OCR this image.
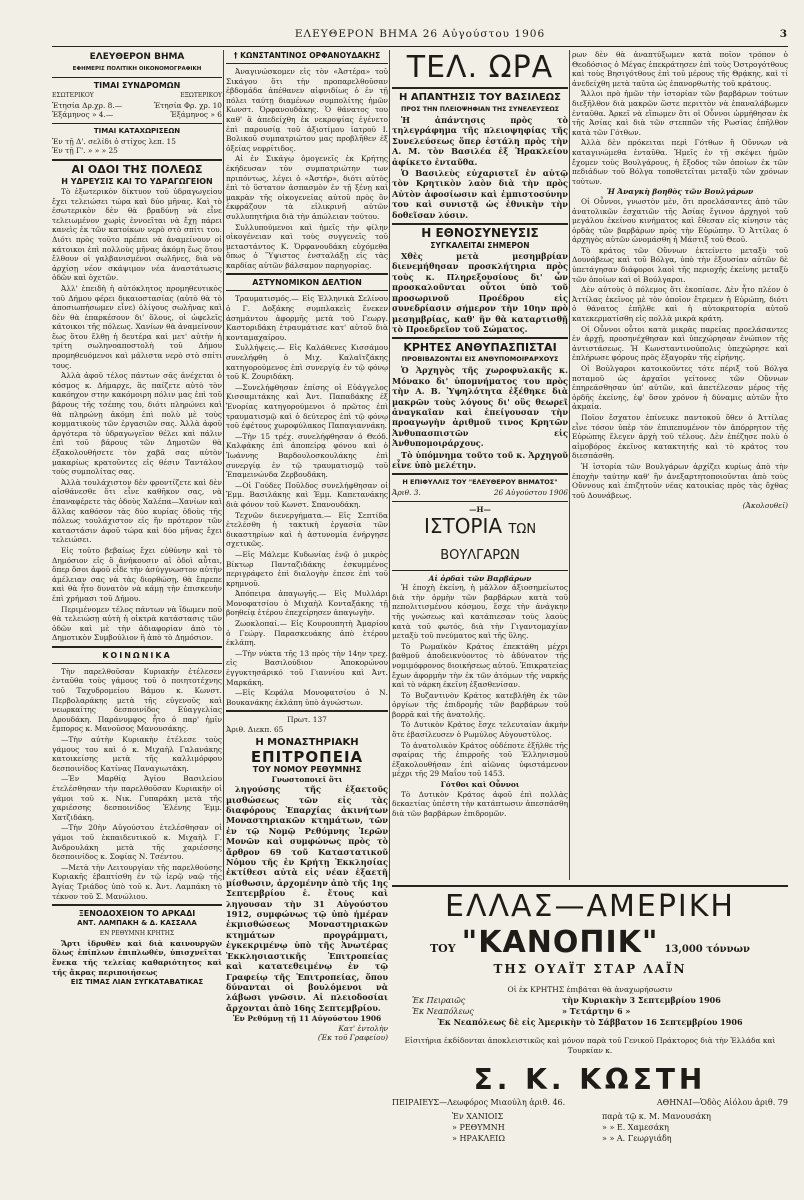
ΕΛΕΥΘΕΡΟΝ ΒΗΜΑ 26 Αὐγούστου 1906	3
ΕΛΕΥΘΕΡΟΝ ΒΗΜΑ
ΕΦΗΜΕΡΙΣ ΠΟΛΙΤΙΚΗ ΟΙΚΟΝΟΜΟΓΡΑΦΙΚΗ
ΤΙΜΑΙ ΣΥΝΔΡΟΜΩΝ
ΕΣΩΤΕΡΙΚΟΥ	ΕΞΩΤΕΡΙΚΟΥ
Ἐτησία Δρ.χρ. 8.—	Ἐτησία Φρ. χρ. 10
Ἑξάμηνος » 4.—	Ἑξάμηνος » 6
ΤΙΜΑΙ ΚΑΤΑΧΩΡΙΣΕΩΝ
Ἐν τῇ Δ'. σελίδι ὁ στίχος λεπ. 15
Ἐν τῇ Γ'. » » » 25
ΑΙ ΟΔΟΙ ΤΗΣ ΠΟΛΕΩΣ
Η ΥΔΡΕΥΣΙΣ ΚΑΙ ΤΟ ΥΔΡΑΓΩΓΕΙΟΝ

Τὸ ἐξωτερικὸν δίκτυον τοῦ ὑδραγωγείου ἔχει τελειώσει τώρα καὶ δύο μῆνας. Καὶ τὸ ἐσωτερικὸν δὲν θὰ βραδύνῃ νὰ εἶνε τελειωμένον χωρὶς ἐννοεῖται νὰ ἔχῃ πάρει κανεὶς ἐκ τῶν κατοίκων νερὸ στὸ σπίτι του. Διότι πρὸς τοῦτο πρέπει νὰ ἀναμείνουν οἱ κάτοικοι ἐπὶ πολλοὺς μῆνας ἀκόμη ἕως ὅτου ἔλθουν οἱ γαλβανισμένοι σωλῆνες, διὰ νὰ ἀρχίσῃ νέον σκάψιμον νέα ἀναστάτωσις ὁδῶν καὶ ὀχετῶν.

Ἀλλ' ἐπειδὴ ἡ αὐτόκλητος προμηθευτικὸς τοῦ Δήμου φέρει δικαιοστασίας (αὐτὸ θὰ τὸ ἀποσιωπήσωμεν εἶνε) ὀλίγους σωλῆνας καὶ δὲν θὰ ἐπαρκέσουν δι' ὅλους, οἱ ὠφελεῖς κάτοικοι τῆς πόλεως. Χανίων θὰ ἀναμείνουν ἕως ὅτου ἔλθῃ ἡ δευτέρα καὶ μετ' αὐτὴν ἡ τρίτη σωληνοαποστολὴ τοῦ Δήμου προμηθευόμενοι καὶ μάλιστα νερὸ στὸ σπίτι τους.

Ἀλλὰ ἀφοῦ τέλος πάντων σᾶς ἀνέχεται ὁ κόσμος κ. Δήμαρχε, ἂς παίζετε αὐτὸ τὸν κακόηχον στην κακόμοιρη πόλιν μας ἐπὶ τοῦ βάρους τῆς τσέπης του, διότι πληρώνει καὶ θὰ πληρώνῃ ἀκόμη ἐπὶ πολὺ μὲ τοὺς κομματικοὺς τῶν ἐργασιῶν σας. Ἀλλὰ ἀφοῦ ἀργότερα τὸ ὑδραγωγεῖον θέλει καὶ πάλιν ἐπὶ τοῦ βάρους τῶν Δημοτῶν θὰ ἐξακολουθήσετε τὸν χαβᾶ σας αὐτὸν μακαρίως κρατοῦντες εἰς θέσιν Ταντάλου τοὺς συμπολίτας σας.

Ἀλλὰ τουλάχιστον δὲν φροντίζετε καὶ δὲν αἰσθάνεσθε ὅτι εἶνε καθῆκον σας, νὰ ἐπαναφέρετε τὰς ὁδοὺς Χαλέπα—Χανίων καὶ ἄλλας καθόσον τὰς δύο κυρίας ὁδοὺς τῆς πόλεως τουλάχιστον εἰς ἣν πρότερον τῶν καταστάσιν ἀφοῦ τώρα καὶ δύο μῆνας ἔχει τελειώσει.

Εἰς τοῦτο βεβαίως ἔχει εὐθύνην καὶ τὸ Δημόσιον εἰς ὃ ἀνήκουσιν αἱ ὁδοὶ αὗται, ὅπερ ὅσοι ἀφοῦ εἶδε τὴν ἀσύγγνωστον αὐτὴν ἀμέλειαν σας νὰ τὰς διορθώσῃ, θὰ ἔπρεπε καὶ θὰ ἦτο δυνατὸν νὰ κάμῃ τὴν ἐπισκευὴν ἐπὶ χρήμασι τοῦ Δήμου.

Περιμένομεν τέλος πάντων νὰ ἴδωμεν ποῦ θὰ τελειώσῃ αὐτὴ ἡ οἰκτρὰ κατάστασις τῶν ὁδῶν καὶ μὲ τὴν ἀδιαφορίαν ἀπὸ τὸ Δημοτικὸν Συμβούλιον ἢ ἀπὸ τὸ Δημόσιον.

ΚΟΙΝΩΝΙΚΑ

Τὴν παρελθοῦσαν Κυριακὴν ἐτέλεσεν ἐνταῦθα τοὺς γάμους τοῦ ὁ ποιητοτέχνης τοῦ Ταχυδρομείου Βάμου κ. Κωνστ. Περβολαράκης μετὰ τῆς εὐγενοῦς καὶ νεωρκαίτης δεσποινίδος Εὐαγγελίας Δρουδάκη. Παράνυμφος ἦτο ὁ παρ' ἡμῖν ἔμπορος κ. Μανοῦσος Μανουσάκης.

—Τὴν αὐτὴν Κυριακὴν ἐτέλεσε τοὺς γάμους του καὶ ὁ κ. Μιχαὴλ Γαλανάκης κατοικείσης μετὰ τῆς καλλιμόρφου δεσποινίδος Κατίνας Παναγιωτάκη.

—Ἐν Μαρθίᾳ Ἁγίου Βασιλείου ἐτελέσθησαν τὴν παρελθοῦσαν Κυριακὴν οἱ γάμοι τοῦ κ. Νικ. Γυπαράκη μετὰ τῆς χαριέσσης δεσποινίδος Ἑλένης Ἐμμ. Χατζιδάκη.

—Τὴν 20ὴν Αὐγούστου ἐτελέσθησαν οἱ γάμοι τοῦ ἐκπαιδευτικοῦ κ. Μιχαὴλ Γ. Ἀνδρουλάκη μετὰ τῆς χαριέσσης δεσποινίδος κ. Σοφίας Ν. Τσέντου.

—Μετὰ τὴν Λειτουργίαν τῆς παρελθούσης Κυριακῆς ἐβαπτίσθη ἐν τῷ ἱερῷ ναῷ τῆς Ἁγίας Τριάδος ὑπὸ τοῦ κ. Ἀντ. Λαμπάκη τὸ τέκνον τοῦ Σ. Μανώλιου.

ΞΕΝΟΔΟΧΕΙΟΝ ΤΟ ΑΡΚΑΔΙ
ΑΝΤ. ΛΑΜΠΑΚΗ & Δ. ΚΑΣΣΑΛΑ
ΕΝ ΡΕΘΥΜΝΗ ΚΡΗΤΗΣ

Ἄρτι ἱδρυθὲν καὶ διὰ καινουργῶν ὅλως ἐπίπλων ἐπιπλωθέν, ὑπισχνεῖται ἕνεκα τῆς τελείας καθαριότητος καὶ τῆς ἄκρας περιποιήσεως

ΕΙΣ ΤΙΜΑΣ ΛΙΑΝ ΣΥΓΚΑΤΑΒΑΤΙΚΑΣ
† ΚΩΝΣΤΑΝΤΙΝΟΣ ΟΡΦΑΝΟΥΔΑΚΗΣ

Ἀναγινώσκομεν εἰς τὸν «Ἀστέρα» τοῦ Σικάγου ὅτι τὴν προπαρελθοῦσαν ἑβδομάδα ἀπέθανεν αἰφνιδίως ὁ ἐν τῇ πόλει ταύτῃ διαμένων συμπολίτης ἡμῶν Κωνστ. Ὀρφανουδάκης. Ὁ θάνατος του καθ' ἃ ἀπεδείχθη ἐκ νεκροψίας ἐγένετο ἐπὶ παρουσίᾳ τοῦ ἀξιοτίμου ἰατροῦ Ι. Βολικοῦ συμπατριώτου μας προβλῆθεν ἐξ ὀξείας νεφρίτιδος.

Αἱ ἐν Σικάγῳ ὁμογενεῖς ἐκ Κρήτης ἐκήδευσαν τὸν συμπατριώτην των πριπόντως, λέγει ὁ «Ἀστήρ», διότι αὐτὸς ἐπὶ τὸ ὕστατον ἀσπασμὸν ἐν τῇ ξένῃ καὶ μακρὰν τῆς οἰκογενείας αὐτοῦ πρὸς ὃν ἐκφράζουν τὰ εἰλικρινῆ αὐτῶν συλλυπητήρια διὰ τὴν ἀπώλειαν τούτου.

Συλλυπούμενοι καὶ ἡμεῖς τὴν φίλην οἰκογένειαν καὶ τοὺς συγγενεῖς τοῦ μεταστάντος Κ. Ὀρφανουδάκη εὐχόμεθα ὅπως ὁ Ὕψιστος ἐνσταλάξῃ εἰς τὰς καρδίας αὐτῶν βάλσαμον παρηγορίας.

ΑΣΤΥΝΟΜΙΚΟΝ ΔΕΛΤΙΟΝ

Τραυματισμός.— Εἰς Ἑλληνικὰ Σελίνου ὁ Γ. Δοξάκης συμπλακεὶς ἕνεκεν ἀσημάντου ἀφορμῆς μετὰ τοῦ Γεωργ. Καστοριδάκη ἐτραυμάτισε κατ' αὐτοῦ διὰ κονταμαχαίρου.

Συλλήψεις.— Εἰς Καλάθενες Κισσάμου συνελήφθη ὁ Μιχ. Καλαϊτζάκης κατηγορούμενος ἐπὶ συνεργίᾳ ἐν τῷ φόνῳ τοῦ Κ. Ζουριδάκη.

—Συνελήφθησαν ἐπίσης οἱ Εὐάγγελος Κισσαμιτάκης καὶ Ἀντ. Παπαδάκης ἐξ Ἐνορίας κατηγορούμενοι ὁ πρῶτος ἐπὶ τραυματισμῷ καὶ ὁ δεύτερος ἐπὶ τῷ φόνῳ τοῦ ἐφέτους χωροφύλακος Παπαγιαννάκη.

—Τὴν 15 τρέχ. συνελήφθησαν ὁ Θεόδ. Καλφάκης ἐπὶ ἀποπείρᾳ φόνου καὶ ὁ Ἰωάννης Βαρδουλοσκουλάκης ἐπὶ συνεργίᾳ ἐν τῷ τραυματισμῷ τοῦ Ἐπαμεινώνδα Ζερβουδάκη.

—Οἱ Γούδες Ποῦλδος συνελήφθησαν οἱ Ἐμμ. Βασιλάκης καὶ Ἐμμ. Καπετανάκης διὰ φόνον τοῦ Κωνστ. Σπανουδάκη.

Τεχνῶν διενεργήματα.— Εἰς Σεπτίδα ἐτελέσθη ἡ τακτικὴ ἐργασία τῶν δικαστηρίων καὶ ἡ ἀστυνομία ἐνήργησε σχετικῶς.

—Εἰς Μάλεμε Κυδωνίας ἐνῷ ὁ μικρὸς Βίκτωρ Πανταζιδάκης ἐσκυμμένος περιγράφετο ἐπὶ διαλογὴν ἐπεσε ἐπὶ τοῦ κρημνοῦ.

Ἀπόπειρα ἀπαγωγῆς.— Εἰς Μυλλάρι Μονοφατσίου ὁ Μιχαὴλ Κονταξάκης τῇ βοηθείᾳ ἑτέρου ἐπεχείρησεν ἀπαγωγὴν.

Zωοκλοπαί.— Εἰς Κουρουπητὴ Ἀμαρίου ὁ Γεώργ. Παρασκευάκης ἀπὸ ἑτέρου ἐκλάπη.

—Τὴν νύκτα τῆς 13 πρὸς τὴν 14ην τρεχ. εἰς Βασιλούδιον Ἀποκορώνου ἐγγυκτησάρικό τοῦ Γιαννίου καὶ Ἀντ. Μαρκάκη.

—Εἰς Κεφάλα Μονοφατσίου ὁ Ν. Βουκανάκης ἐκλάπη ὑπὸ ἀγνώστων.

Πρωτ. 137
Ἀριθ. Διεκπ. 65
Η ΜΟΝΑΣΤΗΡΙΑΚΗ
ΕΠΙΤΡΟΠΕΙΑ
ΤΟΥ ΝΟΜΟΥ ΡΕΘΥΜΝΗΣ
Γνωστοποιεῖ ὅτι

ληγούσης τῆς ἐξαετοῦς μισθώσεως τῶν εἰς τὰς διαφόρους Ἐπαρχίας ἀκινήτων Μοναστηριακῶν κτημάτων, τῶν ἐν τῷ Νομῷ Ρεθύμνης Ἱερῶν Μονῶν καὶ συμφώνως πρὸς τὸ ἄρθρον 69 τοῦ Καταστατικοῦ Νόμου τῆς ἐν Κρήτῃ Ἐκκλησίας ἐκτίθεσι αὐτὰ εἰς νέαν ἐξαετῆ μίσθωσιν, ἀρχομένην ἀπὸ τῆς 1ης Σεπτεμβρίου ἐ. ἔτους καὶ ληγουσαν τὴν 31 Αὐγούστου 1912, συμφώνως τῷ ὑπὸ ἡμέραν ἐκμισθώσεως Μοναστηριακῶν κτημάτων προγράμματι, ἐγκεκριμένῳ ὑπὸ τῆς Ἀνωτέρας Ἐκκλησιαστικῆς Ἐπιτροπείας καὶ κατατεθειμένῳ ἐν τῷ Γραφείῳ τῆς Ἐπιτροπείας, ὅπου δύνανται οἱ βουλόμενοι νὰ λάβωσι γνῶσιν. Αἱ πλειοδοσίαι ἄρχονται ἀπὸ 16ης Σεπτεμβρίου.

Ἐν Ρεθύμνῃ τῇ 11 Αὐγούστου 1906
Κατ' ἐντολὴν
(Ἐκ τοῦ Γραφείου)
ΤΕΛ. ΩΡΑ
Η ΑΠΑΝΤΗΣΙΣ ΤΟΥ ΒΑΣΙΛΕΩΣ
ΠΡΟΣ ΤΗΝ ΠΛΕΙΟΨΗΦΙΑΝ ΤΗΣ ΣΥΝΕΛΕΥΣΕΩΣ

Ἡ ἀπάντησις πρὸς τὸ τηλεγράφημα τῆς πλειοψηφίας τῆς Συνελεύσεως ὅπερ ἐστάλη πρὸς τὴν Α. Μ. τὸν Βασιλέα ἐξ Ἡρακλείου ἀφίκετο ἐνταῦθα.

Ὁ Βασιλεὺς εὐχαριστεῖ ἐν αὐτῷ τὸν Κρητικὸν λαὸν διὰ τὴν πρὸς Αὐτὸν ἀφοσίωσιν καὶ ἐμπιστοσύνην του καὶ συνιστᾷ ὡς ἐθνικὴν τὴν δοθεῖσαν λύσιν.

Η ΕΘΝΟΣΥΝΕΥΣΙΣ
ΣΥΓΚΑΛΕΙΤΑΙ ΣΗΜΕΡΟΝ

Χθὲς μετὰ μεσημβρίαν διενεμήθησαν προσκλήτηρια πρὸς τοὺς κ. Πληρεξουσίους δι' ὧν προσκαλοῦνται οὗτοι ὑπὸ τοῦ προσωρινοῦ Προέδρου εἰς συνεδρίασιν σήμερον τὴν 10ην πρὸ μεσημβρίας, καθ' ἣν θὰ καταρτισθῇ τὸ Προεδρεῖον τοῦ Σώματος.

ΚΡΗΤΕΣ ΑΝΘΥΠΑΣΠΙΣΤΑΙ
ΠΡΟΒΙΒΑΖΟΝΤΑΙ ΕΙΣ ΑΝΘΥΠΟΜΟΙΡΑΡΧΟΥΣ

Ὁ Ἀρχηγὸς τῆς χωροφυλακῆς κ. Μόνακο δι' ὑπομνήματος του πρὸς τὴν Α. Β. Ὑψηλότητα ἐξέθηκε διὰ μακρῶν τοὺς λόγους δι' οὓς θεωρεῖ ἀναγκαῖαν καὶ ἐπείγουσαν τὴν προαγωγὴν ἀριθμοῦ τινος Κρητῶν Ἀνθυπασπιστῶν εἰς Ἀνθυπομοιράρχους.

Τὸ ὑπόμνημα τοῦτο τοῦ κ. Ἀρχηγοῦ εἶνε ὑπὸ μελέτην.

Η ΕΠΙΦΥΛΛΙΣ ΤΟΥ "ΕΛΕΥΘΕΡΟΥ ΒΗΜΑΤΟΣ"
Ἀριθ. 3.	26 Αὐγούστου 1906
—Η—
ΙΣΤΟΡΙΑ ΤΩΝ ΒΟΥΛΓΑΡΩΝ
Αἱ ὁρδαὶ τῶν Βαρβάρων

Ἡ ἐποχὴ ἐκείνη, ἡ μᾶλλον ἀξιοσημείωτος διὰ τὴν ὁρμὴν τῶν βαρβάρων κατὰ τοῦ πεπολιτισμένου κόσμου, ἔσχε τὴν ἀνάγκην τῆς γνώσεως καὶ κατάπιεσαν τοὺς λαοὺς κατὰ τοῦ φωτός, διὰ τὴν Γιγαντομαχίαν μεταξὺ τοῦ πνεύματος καὶ τῆς ὕλης.

Τὸ Ρωμαϊκὸν Κράτος ἐπεκτάθη μέχρι βαθμοῦ ἀποδεικνύοντος τὸ ἀδύνατον τῆς νομιμόφρονος διοικήσεως αὐτοῦ. Ἐπικρατείας ἔχων ἀφορμὴν τὴν ἐκ τῶν ἀτόμων τῆς ναρκῆς καὶ τὸ νάρκη ἐκεῖνη ἐξασθενίσαν.

Τὸ Βυζαντινὸν Κράτος κατεβλήθη ἐκ τῶν ὀργίων τῆς ἐπιδρομῆς τῶν βαρβάρων τοῦ βορρᾶ καὶ τῆς ἀνατολῆς.

Τὸ Δυτικὸν Κράτος ἔσχε τελευταίαν ἀκμὴν ὅτε ἐβασίλευσεν ὁ Ρωμύλος Αὐγουστύλος.

Τὸ ἀνατολικὸν Κράτος οὐδέποτε ἐξῆλθε τῆς σφαίρας τῆς ἐπιρροῆς τοῦ Ἑλληνισμοῦ ἐξακολουθήσαν ἐπὶ αἰῶνας ὑφιστάμενον μέχρι τῆς 29 Μαΐου τοῦ 1453.

Γότθοι καὶ Οὖννοι

Τὸ Δυτικὸν Κράτος ἀφοῦ ἐπὶ πολλὰς δεκαετίας ὑπέστη τὴν κατάπτωσιν ἀπεσπάσθη διὰ τῶν βαρβάρων ἐπιδρομῶν.

ρων δὲν θὰ ἀναπτύξωμεν κατὰ ποῖον τρόπον ὁ Θεοδόσιος ὁ Μέγας ἐπεκράτησεν ἐπὶ τοὺς Ὀστρογότθους καὶ τοὺς Βησιγότθους ἐπὶ τοῦ μέρους τῆς Θρᾴκης, καὶ τί ἀνεδείχθη μετὰ ταῦτα ὡς ἐπανορθωτὴς τοῦ κράτους.

Ἄλλοι πρὸ ἡμῶν τὴν ἱστορίαν τῶν βαρβάρων τούτων διεξῆλθον διὰ μακρῶν ὥστε περιττὸν νὰ ἐπαναλάβωμεν ἐνταῦθα. Ἀρκεῖ νὰ εἴπωμεν ὅτι οἱ Οὖννοι ὡρμήθησαν ἐκ τῆς Ἀσίας καὶ διὰ τῶν στεππῶν τῆς Ρωσίας ἐπῆλθον κατὰ τῶν Γότθων.

Ἀλλὰ δὲν πρόκειται περὶ Γότθων ἢ Οὔννων νὰ καταγινώμεθα ἐνταῦθα. Ἡμεῖς ἐν τῇ σκέψει ἡμῶν ἔχομεν τοὺς Βουλγάρους, ἡ ἔξοδος τῶν ὁποίων ἐκ τῶν πεδιάδων τοῦ Βόλγα τοποθετεῖται μεταξὺ τῶν χρόνων τούτων.

Ἡ Ἀναγκὴ βοηθὸς τῶν Βουλγάρων

Οἱ Οὖννοι, γνωστὸν μὲν, ὅτι προελάσαντες ἀπὸ τῶν ἀνατολικῶν ἐσχατιῶν τῆς Ἀσίας ἔγινον ἀρχηγοὶ τοῦ μεγάλου ἐκείνου κινήματος καὶ ἔθεσαν εἰς κίνησιν τὰς ὁρδὰς τῶν βαρβάρων πρὸς τὴν Εὐρώπην. Ὁ Ἀττίλας ὁ ἀρχηγὸς αὐτῶν ὠνομάσθη ἡ Μάστιξ τοῦ Θεοῦ.

Τὸ κράτος τῶν Οὔννων ἐκτείνετο μεταξὺ τοῦ Δουνάβεως καὶ τοῦ Βόλγα, ὑπὸ τὴν ἐξουσίαν αὐτῶν δὲ ὑπετάγησαν διάφοροι λαοὶ τῆς περιοχῆς ἐκείνης μεταξὺ τῶν ὁποίων καὶ οἱ Βούλγαροι.

Δὲν αὐτοὺς ὁ πόλεμος ὅτι ἐκοπίασε. Δὲν ἦτο πλέον ὁ Ἀττίλας ἐκεῖνος μὲ τὸν ὁποῖον ἔτρεμεν ἡ Εὐρώπη, διότι ὁ θάνατος ἐπῆλθε καὶ ἡ αὐτοκρατορία αὐτοῦ κατεκερματίσθη εἰς πολλὰ μικρὰ κράτη.

Οἱ Οὖννοι οὗτοι κατὰ μικρὰς παρείας προελάσαντες ἐν ἀρχῇ, προσηνέχθησαν καὶ ὑπεχώρησαν ἐνώπιον τῆς ἀντιστάσεως. Ἡ Κωνσταντινούπολις ὑπεχώρησε καὶ ἐπλήρωσε φόρους πρὸς ἐξαγορὰν τῆς εἰρήνης.

Οἱ Βούλγαροι κατοικοῦντες τότε πέριξ τοῦ Βόλγα ποταμοῦ ὡς ἀρχαῖοι γείτονες τῶν Οὔννων ἐπηρεάσθησαν ὑπ' αὐτῶν, καὶ ἀπετέλεσαν μέρος τῆς ὁρδῆς ἐκείνης, ἐφ' ὅσον χρόνον ἡ δύναμις αὐτῶν ἦτο ἀκμαία.

Ποῖον ἔσχατον ἐπίνευκε παντοκοῦ ὅθεν ὁ Ἀττίλας εἶνε τόσον ὑπὲρ τὸν ἐπιπεπυμένον τὸν ἀπόρρητον τῆς Εὐρώπης ἔλεγεν ἀρχὴ τοῦ τέλους. Δὲν ἐπέζησε πολὺ ὁ αἱμοβόρος ἐκεῖνος κατακτητής καὶ τὸ κράτος του διεσπάσθη.

Ἡ ἱστορία τῶν Βουλγάρων ἀρχίζει κυρίως ἀπὸ τὴν ἐποχὴν ταύτην καθ' ἣν ἀνεξαρτητοποιοῦνται ἀπὸ τοὺς Οὔννους καὶ ἐπιζητοῦν νέας κατοικίας πρὸς τὰς ὄχθας τοῦ Δουνάβεως.

(Ἀκολουθεῖ)
ΕΛΛΑΣ—ΑΜΕΡΙΚΗ
ΤΟΥ "ΚΑΝΟΠΙΚ" 13,000 τόννων
ΤΗΣ ΟΥΑΪΤ ΣΤΑΡ ΛΑΪΝ
Οἱ ἐκ ΚΡΗΤΗΣ ἐπιβάται θὰ ἀναχωρήσωσιν
Ἐκ Πειραιῶς	τὴν Κυριακὴν 3 Σεπτεμβρίου 1906
Ἐκ Νεαπόλεως	» Τετάρτην 6 »
Ἐκ Νεαπόλεως δὲ εἰς Ἀμερικὴν τὸ Σάββατον 16 Σεπτεμβρίου 1906
Εἰσιτήρια ἐκδίδονται ἀποκλειστικῶς καὶ μόνον παρὰ τοῦ Γενικοῦ Πράκτορος διὰ τὴν Ἑλλάδα καὶ Τουρκίαν κ.
Σ. Κ. ΚΩΣΤΗ
ΠΕΙΡΑΙΕΥΣ—Λεωφόρος Μιαούλη ἀριθ. 46.	ΑΘΗΝΑΙ—Ὁδὸς Αἰόλου ἀριθ. 79
Ἐν ΧΑΝΙΟΙΣ	παρὰ τῷ κ. Μ. Μανουσάκη
» ΡΕΘΥΜΝΗ	» » Ε. Χαμεσάκη
» ΗΡΑΚΛΕΙΩ	» » Α. Γεωργιάδη
